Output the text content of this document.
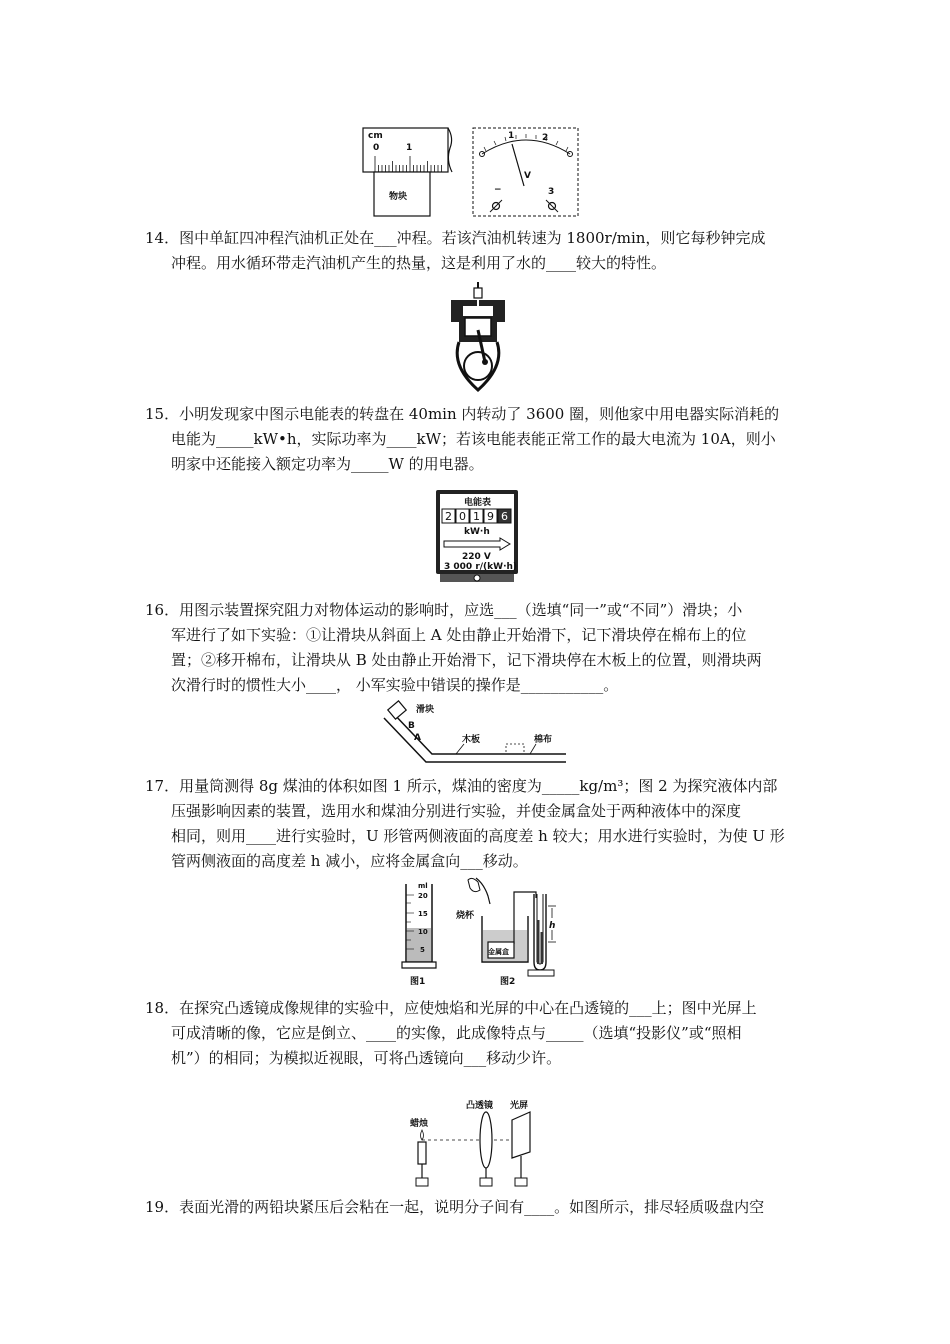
cm
0	1
物块
1	2
V
−	3
14．图中单缸四冲程汽油机正处在___冲程。若该汽油机转速为 1800r/min，则它每秒钟完成
冲程。用水循环带走汽油机产生的热量，这是利用了水的____较大的特性。
15．小明发现家中图示电能表的转盘在 40min 内转动了 3600 圈，则他家中用电器实际消耗的
电能为_____kW•h，实际功率为____kW；若该电能表能正常工作的最大电流为 10A，则小
明家中还能接入额定功率为_____W 的用电器。
电能表
2 0 1 9 6
kW·h
220 V
3 000 r/(kW·h)
16．用图示装置探究阻力对物体运动的影响时，应选___（选填“同一”或“不同”）滑块；小
军进行了如下实验：①让滑块从斜面上 A 处由静止开始滑下，记下滑块停在棉布上的位
置；②移开棉布，让滑块从 B 处由静止开始滑下，记下滑块停在木板上的位置，则滑块两
次滑行时的惯性大小____， 小军实验中错误的操作是___________。
滑块
B
A	木板	棉布
17．用量筒测得 8g 煤油的体积如图 1 所示，煤油的密度为_____kg/m³；图 2 为探究液体内部
压强影响因素的装置，选用水和煤油分别进行实验，并使金属盒处于两种液体中的深度
相同，则用____进行实验时，U 形管两侧液面的高度差 h 较大；用水进行实验时，为使 U 形
管两侧液面的高度差 h 减小，应将金属盒向___移动。
ml
20
15
10
5
图1
烧杯
金属盒
h
图2
18．在探究凸透镜成像规律的实验中，应使烛焰和光屏的中心在凸透镜的___上；图中光屏上
可成清晰的像，它应是倒立、____的实像，此成像特点与_____（选填“投影仪”或“照相
机”）的相同；为模拟近视眼，可将凸透镜向___移动少许。
凸透镜 光屏
蜡烛
19．表面光滑的两铅块紧压后会粘在一起，说明分子间有____。如图所示，排尽轻质吸盘内空
